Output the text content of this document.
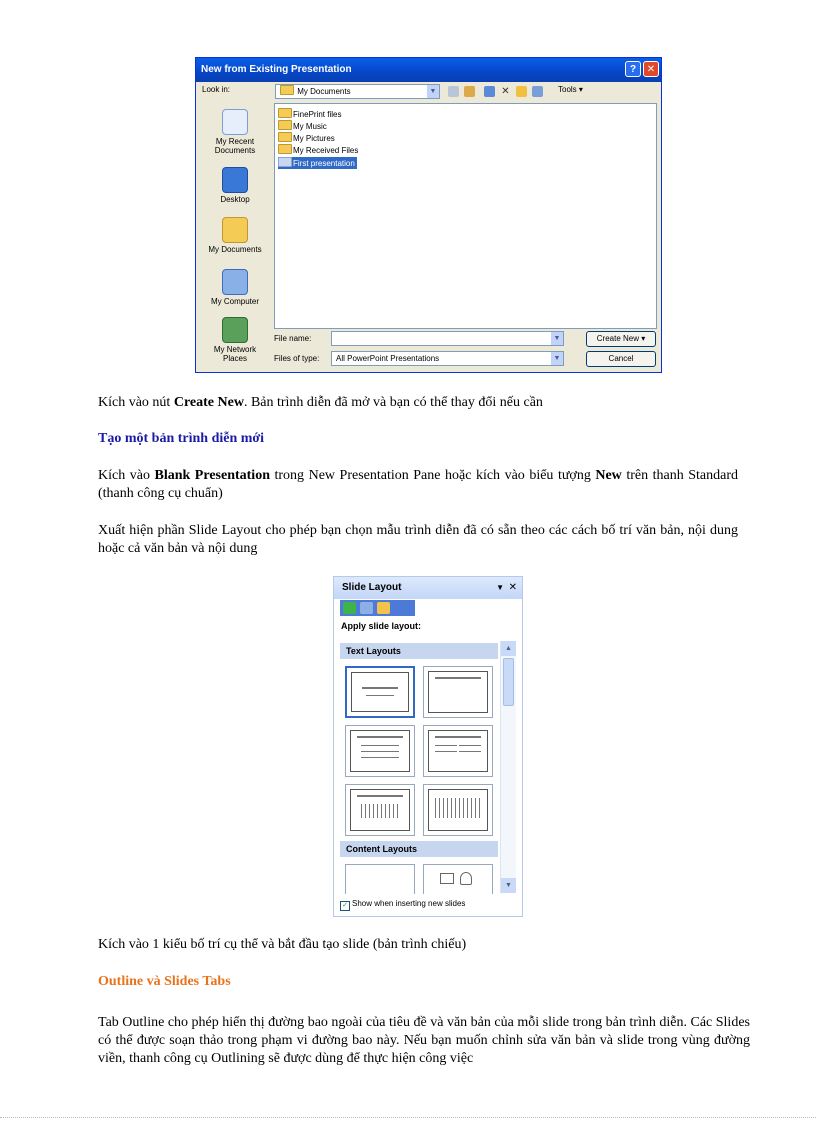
New from Existing Presentation	?	✕
Look in:	My Documents	▼	✕	Tools ▾
My Recent Documents
Desktop
My Documents
My Computer
My Network Places
FinePrint files
My Music
My Pictures
My Received Files
First presentation
File name:	▼
Files of type:	All PowerPoint Presentations	▼
Create New ▾
Cancel

Kích vào nút Create New. Bản trình diễn đã mở và bạn có thể thay đổi nếu cần

Tạo một bản trình diễn mới

Kích vào Blank Presentation trong New Presentation Pane hoặc kích vào biểu tượng New trên thanh Standard (thanh công cụ chuẩn)

Xuất hiện phần Slide Layout cho phép bạn chọn mẫu trình diễn đã có sẵn theo các cách bố trí văn bản, nội dung hoặc cả văn bản và nội dung

Slide Layout	▼ ✕
Apply slide layout:
Text Layouts
Content Layouts
▲
▼
✓ Show when inserting new slides

Kích vào 1 kiểu bố trí cụ thể và bắt đầu tạo slide (bản trình chiếu)

Outline và Slides Tabs

Tab Outline cho phép hiển thị đường bao ngoài của tiêu đề và văn bản của mỗi slide trong bản trình diễn. Các Slides có thể được soạn thảo trong phạm vi đường bao này. Nếu bạn muốn chỉnh sửa văn bản và slide trong vùng đường viền, thanh công cụ Outlining sẽ được dùng để thực hiện công việc
